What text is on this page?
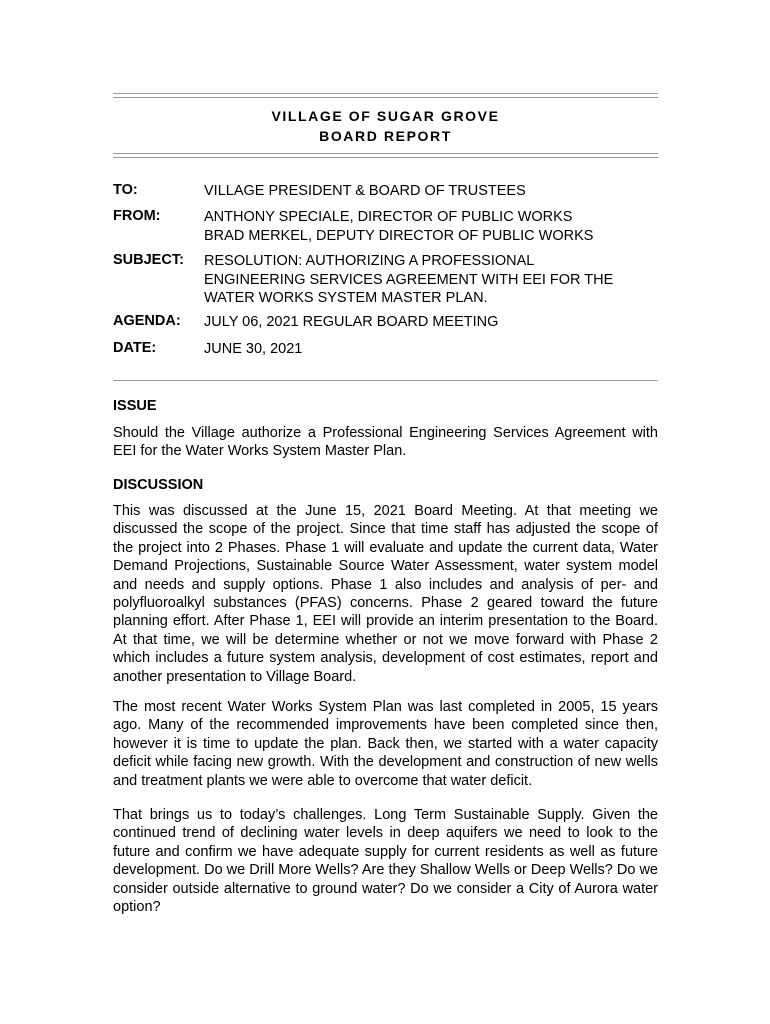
VILLAGE OF SUGAR GROVE
BOARD REPORT
TO:	VILLAGE PRESIDENT & BOARD OF TRUSTEES
FROM:	ANTHONY SPECIALE, DIRECTOR OF PUBLIC WORKS
BRAD MERKEL, DEPUTY DIRECTOR OF PUBLIC WORKS
SUBJECT: RESOLUTION: AUTHORIZING A PROFESSIONAL
ENGINEERING SERVICES AGREEMENT WITH EEI FOR THE
WATER WORKS SYSTEM MASTER PLAN.
AGENDA: JULY 06, 2021 REGULAR BOARD MEETING
DATE:	JUNE 30, 2021
ISSUE
Should the Village authorize a Professional Engineering Services Agreement with EEI for the Water Works System Master Plan.
DISCUSSION
This was discussed at the June 15, 2021 Board Meeting. At that meeting we discussed the scope of the project. Since that time staff has adjusted the scope of the project into 2 Phases. Phase 1 will evaluate and update the current data, Water Demand Projections, Sustainable Source Water Assessment, water system model and needs and supply options. Phase 1 also includes and analysis of per- and polyfluoroalkyl substances (PFAS) concerns. Phase 2 geared toward the future planning effort. After Phase 1, EEI will provide an interim presentation to the Board. At that time, we will be determine whether or not we move forward with Phase 2 which includes a future system analysis, development of cost estimates, report and another presentation to Village Board.
The most recent Water Works System Plan was last completed in 2005, 15 years ago. Many of the recommended improvements have been completed since then, however it is time to update the plan. Back then, we started with a water capacity deficit while facing new growth. With the development and construction of new wells and treatment plants we were able to overcome that water deficit.
That brings us to today’s challenges. Long Term Sustainable Supply. Given the continued trend of declining water levels in deep aquifers we need to look to the future and confirm we have adequate supply for current residents as well as future development. Do we Drill More Wells? Are they Shallow Wells or Deep Wells? Do we consider outside alternative to ground water? Do we consider a City of Aurora water option?
